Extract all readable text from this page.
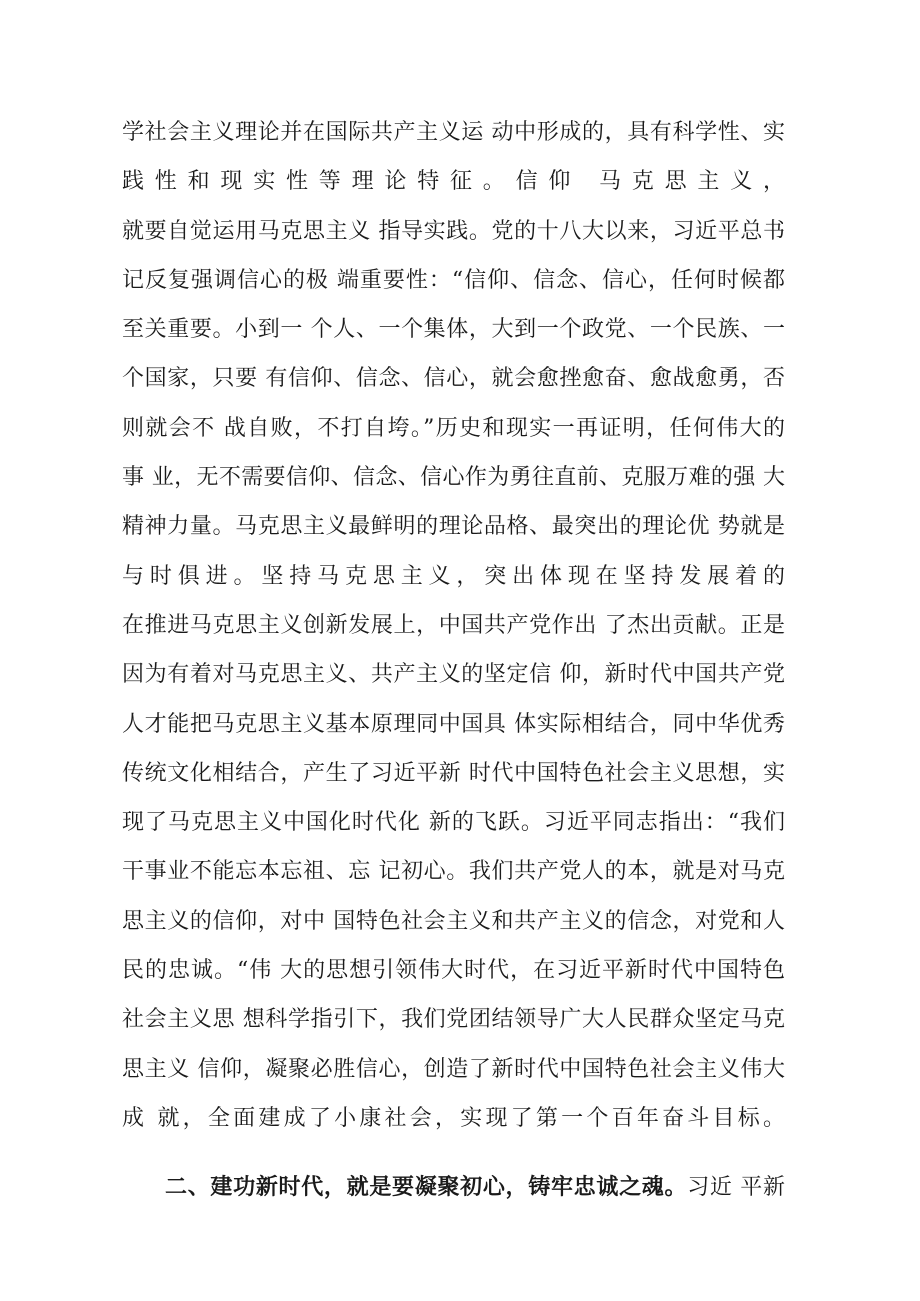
学社会主义理论并在国际共产主义运 动中形成的，具有科学性、实
践性和现实性等理论特征。信仰 马克思主义，
就要自觉运用马克思主义 指导实践。党的十八大以来，习近平总书
记反复强调信心的极 端重要性：“信仰、信念、信心，任何时候都
至关重要。小到一 个人、一个集体，大到一个政党、一个民族、一
个国家，只要 有信仰、信念、信心，就会愈挫愈奋、愈战愈勇，否
则就会不 战自败，不打自垮。”历史和现实一再证明，任何伟大的
事 业，无不需要信仰、信念、信心作为勇往直前、克服万难的强 大
精神力量。马克思主义最鲜明的理论品格、最突出的理论优 势就是
与时俱进。坚持马克思主义，突出体现在坚持发展着的
在推进马克思主义创新发展上，中国共产党作出 了杰出贡献。正是
因为有着对马克思主义、共产主义的坚定信 仰，新时代中国共产党
人才能把马克思主义基本原理同中国具 体实际相结合，同中华优秀
传统文化相结合，产生了习近平新 时代中国特色社会主义思想，实
现了马克思主义中国化时代化 新的飞跃。习近平同志指出：“我们
干事业不能忘本忘祖、忘 记初心。我们共产党人的本，就是对马克
思主义的信仰，对中 国特色社会主义和共产主义的信念，对党和人
民的忠诚。“伟 大的思想引领伟大时代，在习近平新时代中国特色
社会主义思 想科学指引下，我们党团结领导广大人民群众坚定马克
思主义 信仰，凝聚必胜信心，创造了新时代中国特色社会主义伟大
成 就，全面建成了小康社会，实现了第一个百年奋斗目标。
二、建功新时代，就是要凝聚初心，铸牢忠诚之魂。习近 平新
